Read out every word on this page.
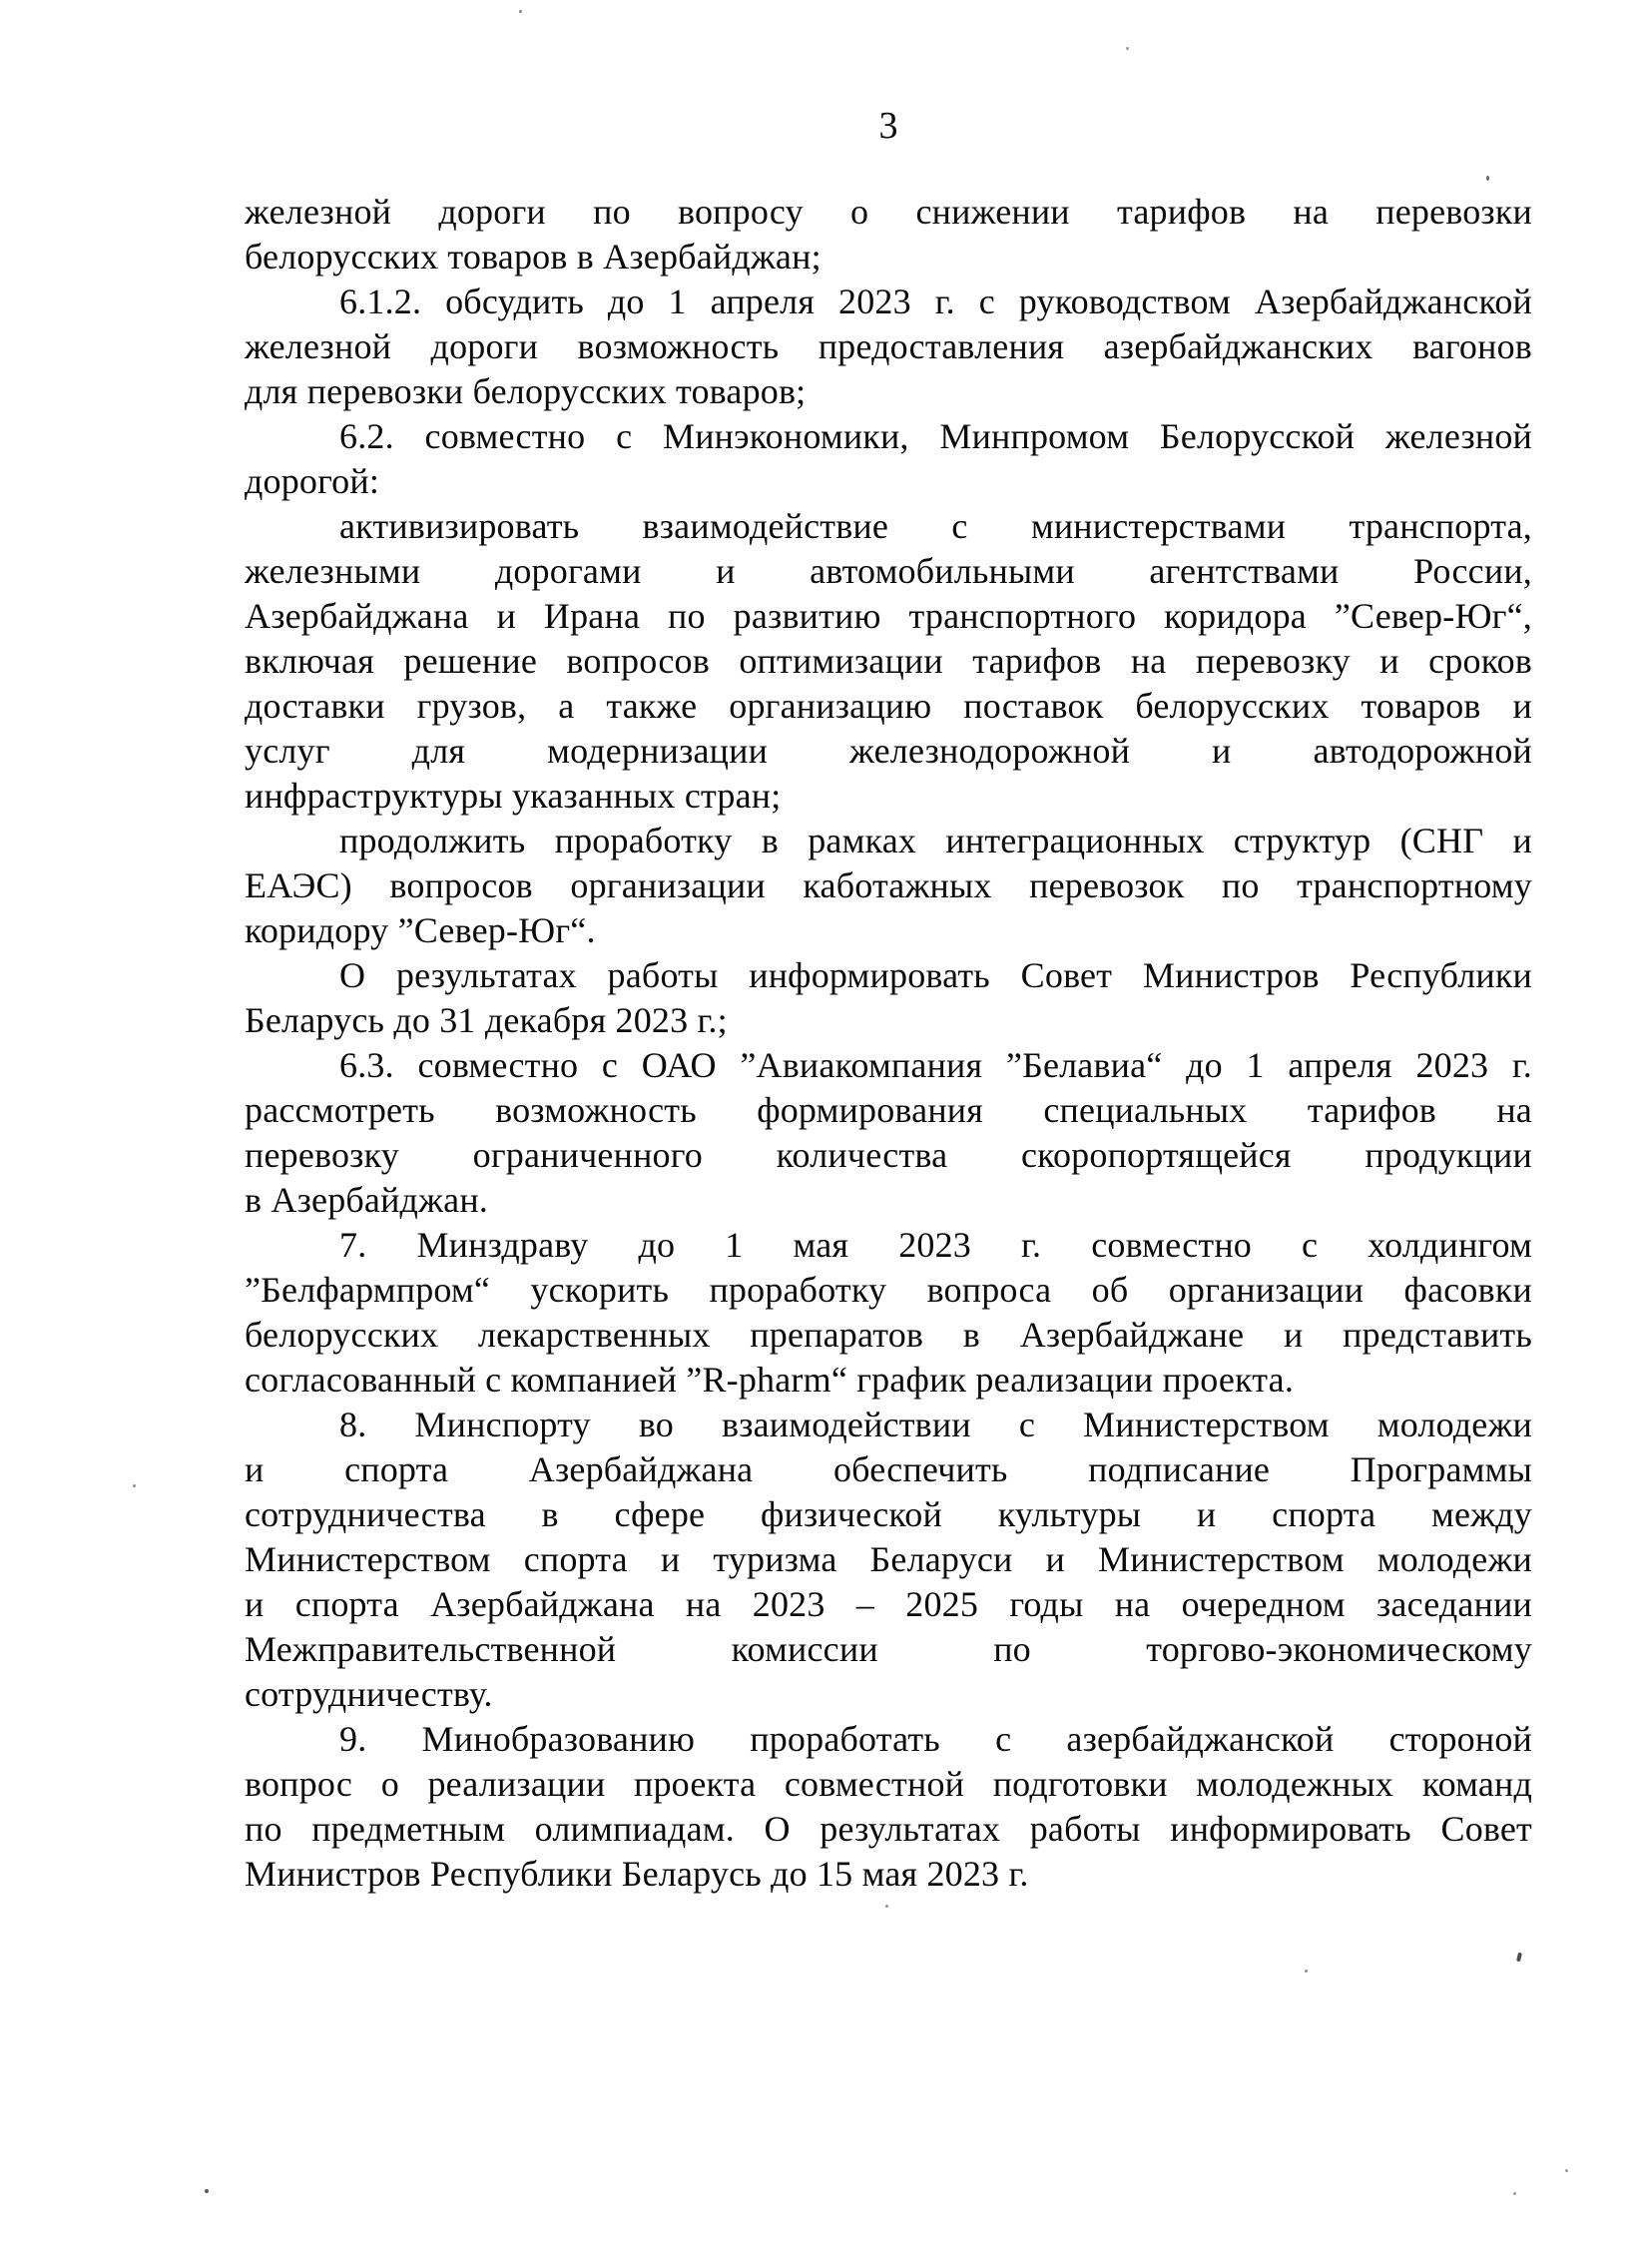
3
железной дороги по вопросу о снижении тарифов на перевозки
белорусских товаров в Азербайджан;
6.1.2. обсудить до 1 апреля 2023 г. с руководством Азербайджанской
железной дороги возможность предоставления азербайджанских вагонов
для перевозки белорусских товаров;
6.2. совместно с Минэкономики, Минпромом Белорусской железной
дорогой:
активизировать взаимодействие с министерствами транспорта,
железными дорогами и автомобильными агентствами России,
Азербайджана и Ирана по развитию транспортного коридора ”Север-Юг“,
включая решение вопросов оптимизации тарифов на перевозку и сроков
доставки грузов, а также организацию поставок белорусских товаров и
услуг для модернизации железнодорожной и автодорожной
инфраструктуры указанных стран;
продолжить проработку в рамках интеграционных структур (СНГ и
ЕАЭС) вопросов организации каботажных перевозок по транспортному
коридору ”Север-Юг“.
О результатах работы информировать Совет Министров Республики
Беларусь до 31 декабря 2023 г.;
6.3. совместно с ОАО ”Авиакомпания ”Белавиа“ до 1 апреля 2023 г.
рассмотреть возможность формирования специальных тарифов на
перевозку ограниченного количества скоропортящейся продукции
в Азербайджан.
7. Минздраву до 1 мая 2023 г. совместно с холдингом
”Белфармпром“ ускорить проработку вопроса об организации фасовки
белорусских лекарственных препаратов в Азербайджане и представить
согласованный с компанией ”R-pharm“ график реализации проекта.
8. Минспорту во взаимодействии с Министерством молодежи
и спорта Азербайджана обеспечить подписание Программы
сотрудничества в сфере физической культуры и спорта между
Министерством спорта и туризма Беларуси и Министерством молодежи
и спорта Азербайджана на 2023 – 2025 годы на очередном заседании
Межправительственной комиссии по торгово-экономическому
сотрудничеству.
9. Минобразованию проработать с азербайджанской стороной
вопрос о реализации проекта совместной подготовки молодежных команд
по предметным олимпиадам. О результатах работы информировать Совет
Министров Республики Беларусь до 15 мая 2023 г.
